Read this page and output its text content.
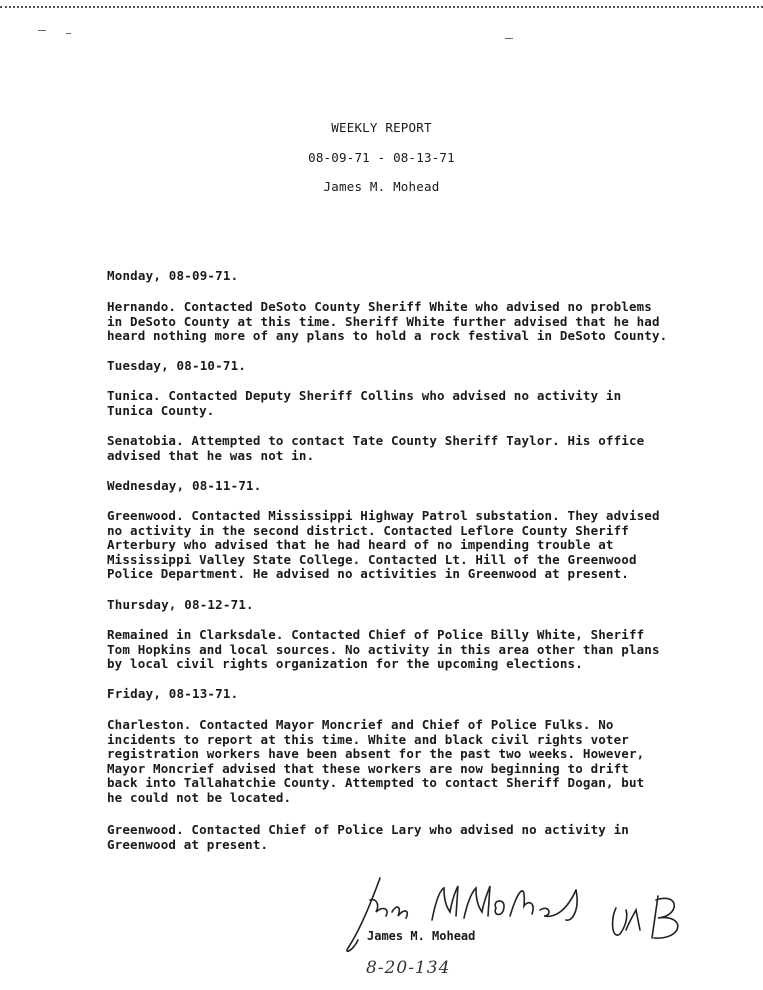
WEEKLY REPORT
08-09-71 - 08-13-71
James M. Mohead
Monday, 08-09-71.
Hernando. Contacted DeSoto County Sheriff White who advised no problems
in DeSoto County at this time. Sheriff White further advised that he had
heard nothing more of any plans to hold a rock festival in DeSoto County.
Tuesday, 08-10-71.
Tunica. Contacted Deputy Sheriff Collins who advised no activity in
Tunica County.
Senatobia. Attempted to contact Tate County Sheriff Taylor. His office
advised that he was not in.
Wednesday, 08-11-71.
Greenwood. Contacted Mississippi Highway Patrol substation. They advised
no activity in the second district. Contacted Leflore County Sheriff
Arterbury who advised that he had heard of no impending trouble at
Mississippi Valley State College. Contacted Lt. Hill of the Greenwood
Police Department. He advised no activities in Greenwood at present.
Thursday, 08-12-71.
Remained in Clarksdale. Contacted Chief of Police Billy White, Sheriff
Tom Hopkins and local sources. No activity in this area other than plans
by local civil rights organization for the upcoming elections.
Friday, 08-13-71.
Charleston. Contacted Mayor Moncrief and Chief of Police Fulks. No
incidents to report at this time. White and black civil rights voter
registration workers have been absent for the past two weeks. However,
Mayor Moncrief advised that these workers are now beginning to drift
back into Tallahatchie County. Attempted to contact Sheriff Dogan, but
he could not be located.
Greenwood. Contacted Chief of Police Lary who advised no activity in
Greenwood at present.
James M. Mohead
8-20-134
